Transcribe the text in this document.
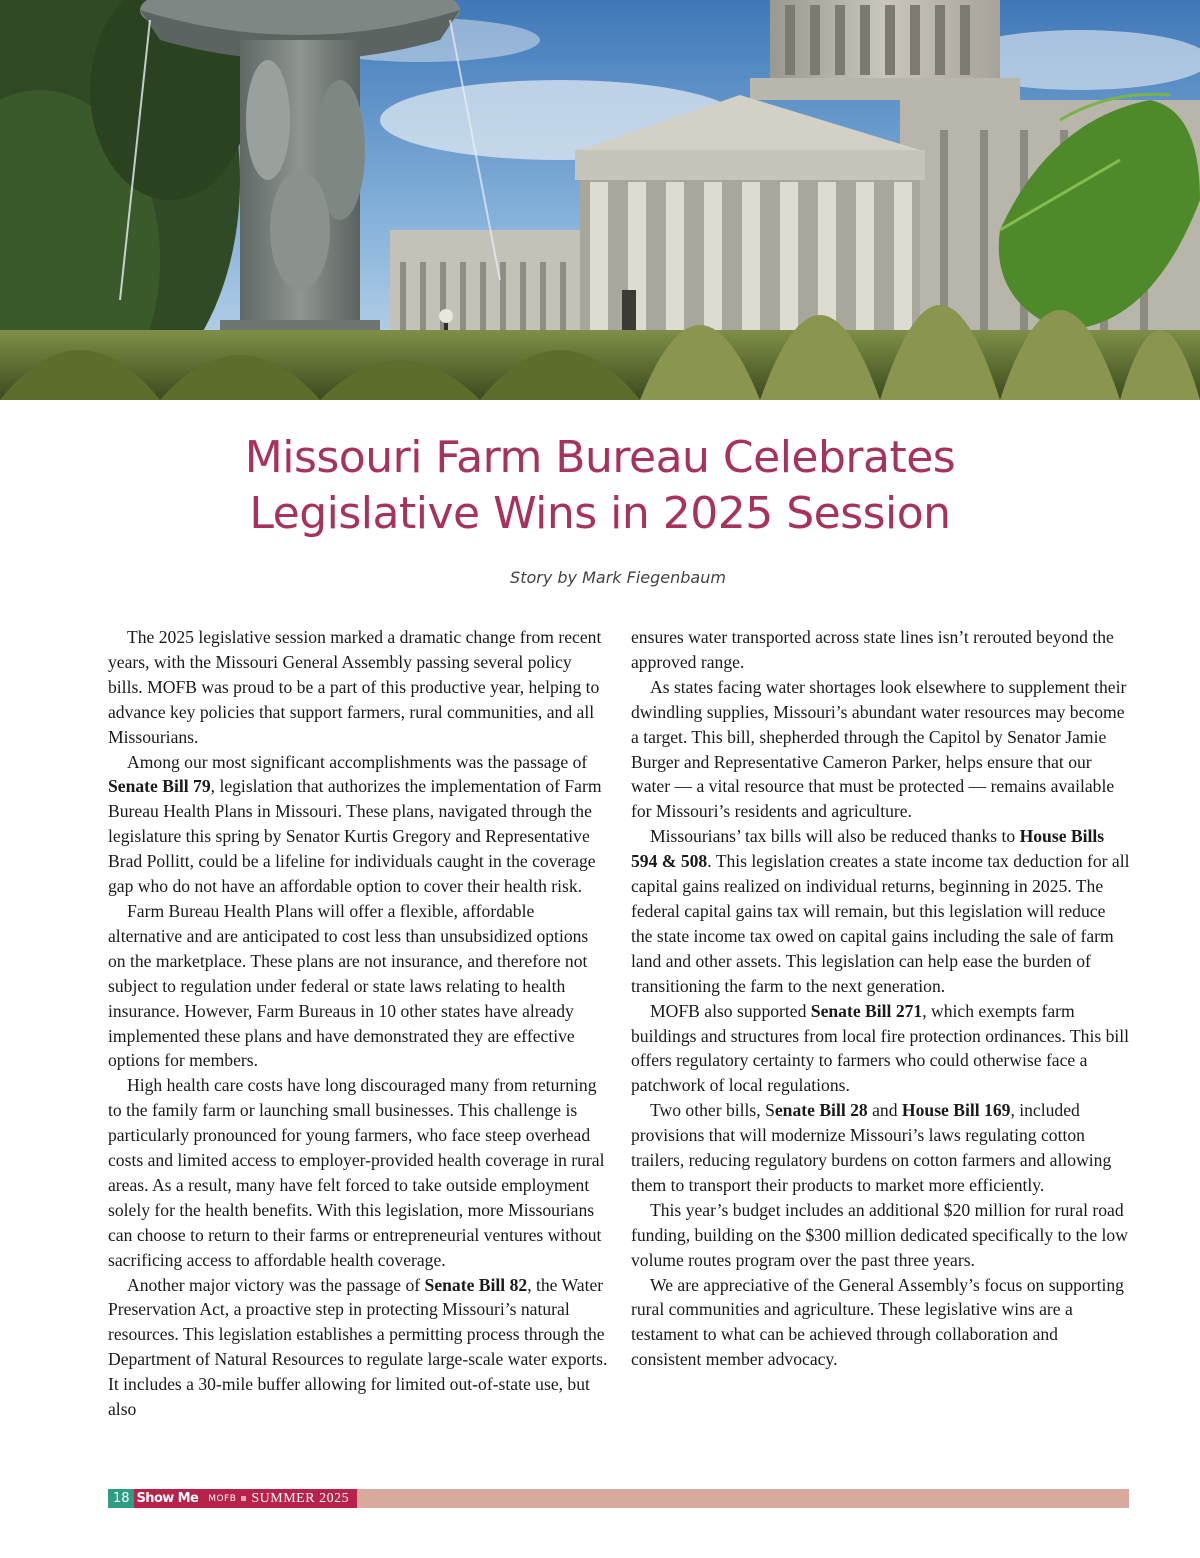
Missouri Farm Bureau Celebrates
Legislative Wins in 2025 Session
Story by Mark Fiegenbaum

The 2025 legislative session marked a dramatic change from recent years, with the Missouri General Assembly passing several policy bills. MOFB was proud to be a part of this productive year, helping to advance key policies that support farmers, rural communities, and all Missourians.

Among our most significant accomplishments was the passage of Senate Bill 79, legislation that authorizes the implementation of Farm Bureau Health Plans in Missouri. These plans, navigated through the legislature this spring by Senator Kurtis Gregory and Representative Brad Pollitt, could be a lifeline for individuals caught in the coverage gap who do not have an affordable option to cover their health risk.

Farm Bureau Health Plans will offer a flexible, affordable alternative and are anticipated to cost less than unsubsidized options on the marketplace. These plans are not insurance, and therefore not subject to regulation under federal or state laws relating to health insurance. However, Farm Bureaus in 10 other states have already implemented these plans and have demonstrated they are effective options for members.

High health care costs have long discouraged many from returning to the family farm or launching small businesses. This challenge is particularly pronounced for young farmers, who face steep overhead costs and limited access to employer-provided health coverage in rural areas. As a result, many have felt forced to take outside employment solely for the health benefits. With this legislation, more Missourians can choose to return to their farms or entrepreneurial ventures without sacrificing access to affordable health coverage.

Another major victory was the passage of Senate Bill 82, the Water Preservation Act, a proactive step in protecting Missouri’s natural resources. This legislation establishes a permitting process through the Department of Natural Resources to regulate large-scale water exports. It includes a 30-mile buffer allowing for limited out-of-state use, but also

ensures water transported across state lines isn’t rerouted beyond the approved range.

As states facing water shortages look elsewhere to supplement their dwindling supplies, Missouri’s abundant water resources may become a target. This bill, shepherded through the Capitol by Senator Jamie Burger and Representative Cameron Parker, helps ensure that our water — a vital resource that must be protected — remains available for Missouri’s residents and agriculture.

Missourians’ tax bills will also be reduced thanks to House Bills 594 & 508. This legislation creates a state income tax deduction for all capital gains realized on individual returns, beginning in 2025. The federal capital gains tax will remain, but this legislation will reduce the state income tax owed on capital gains including the sale of farm land and other assets. This legislation can help ease the burden of transitioning the farm to the next generation.

MOFB also supported Senate Bill 271, which exempts farm buildings and structures from local fire protection ordinances. This bill offers regulatory certainty to farmers who could otherwise face a patchwork of local regulations.

Two other bills, Senate Bill 28 and House Bill 169, included provisions that will modernize Missouri’s laws regulating cotton trailers, reducing regulatory burdens on cotton farmers and allowing them to transport their products to market more efficiently.

This year’s budget includes an additional $20 million for rural road funding, building on the $300 million dedicated specifically to the low volume routes program over the past three years.

We are appreciative of the General Assembly’s focus on supporting rural communities and agriculture. These legislative wins are a testament to what can be achieved through collaboration and consistent member advocacy.

18 Show Me MOFB SUMMER 2025
